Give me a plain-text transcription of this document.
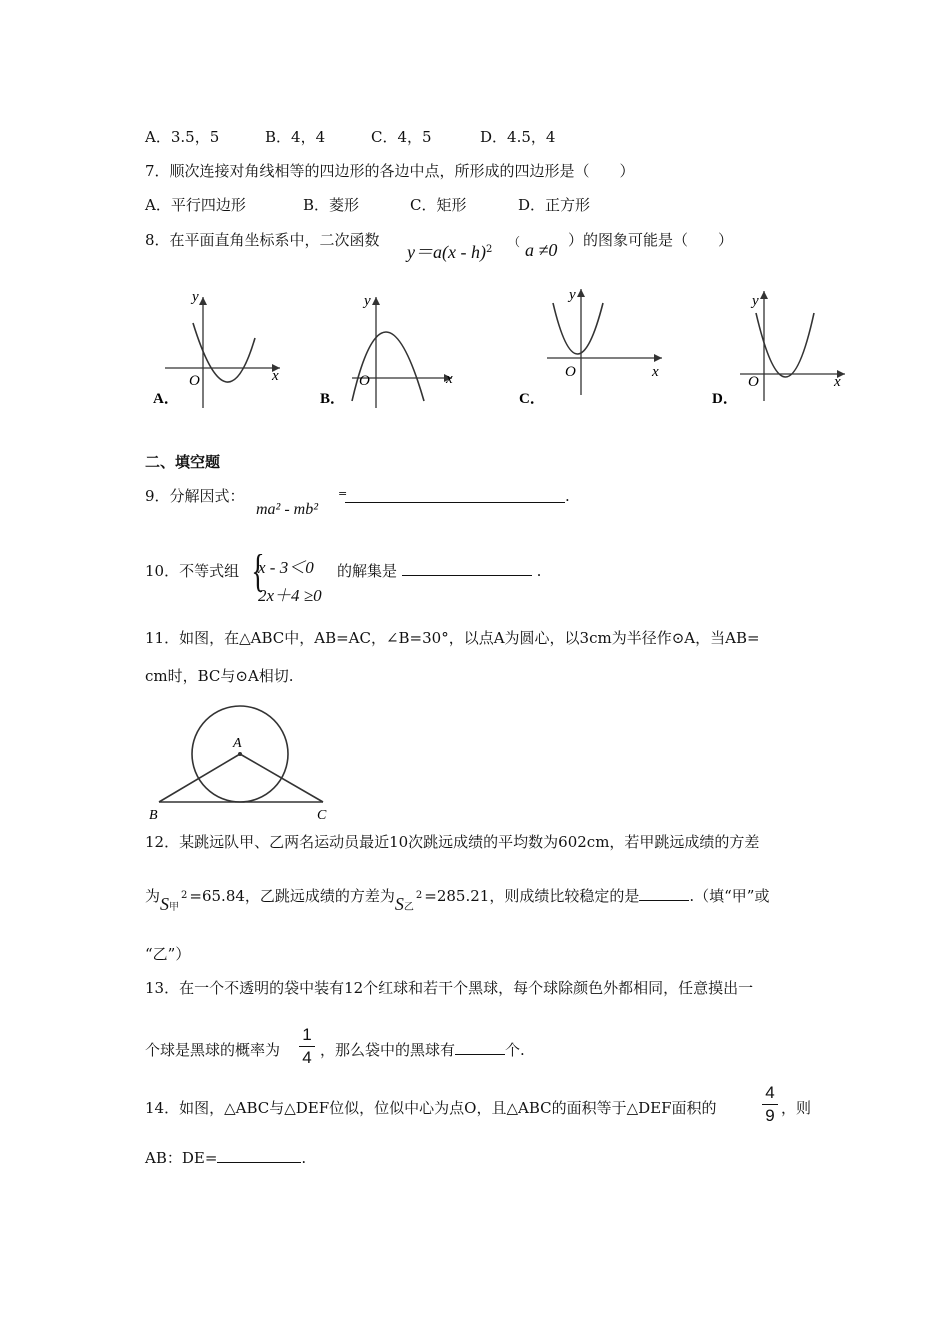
A．3.5，5	B．4，4	C．4，5	D．4.5，4
7．顺次连接对角线相等的四边形的各边中点，所形成的四边形是（　　）
A．平行四边形	B．菱形	C．矩形	D．正方形
8．在平面直角坐标系中，二次函数
y＝a(x - h)$^2$
（ a ≠0 ）的图象可能是（　　）
y
x
O
A．
y
x
O
B．
y
x
O
C．
y
x
O
D．
二、填空题
9．分解因式：
ma² - mb²
=	.
10．不等式组 {
x - 3＜0
2x＋4 ≥0
的解集是	.
11．如图，在△ABC中，AB=AC，∠B=30°，以点A为圆心，以3cm为半径作⊙A，当AB=
cm时，BC与⊙A相切.
A
B	C
12．某跳远队甲、乙两名运动员最近10次跳远成绩的平均数为602cm，若甲跳远成绩的方差
为S甲$^2$ =65.84，乙跳远成绩的方差为S乙$^2$ =285.21，则成绩比较稳定的是	.（填“甲”或
“乙”）
13．在一个不透明的袋中装有12个红球和若干个黑球，每个球除颜色外都相同，任意摸出一
个球是黑球的概率为
1
4 ，那么袋中的黑球有	个.
14．如图，△ABC与△DEF位似，位似中心为点O，且△ABC的面积等于△DEF面积的
4
9 ，则
AB：DE=	.
